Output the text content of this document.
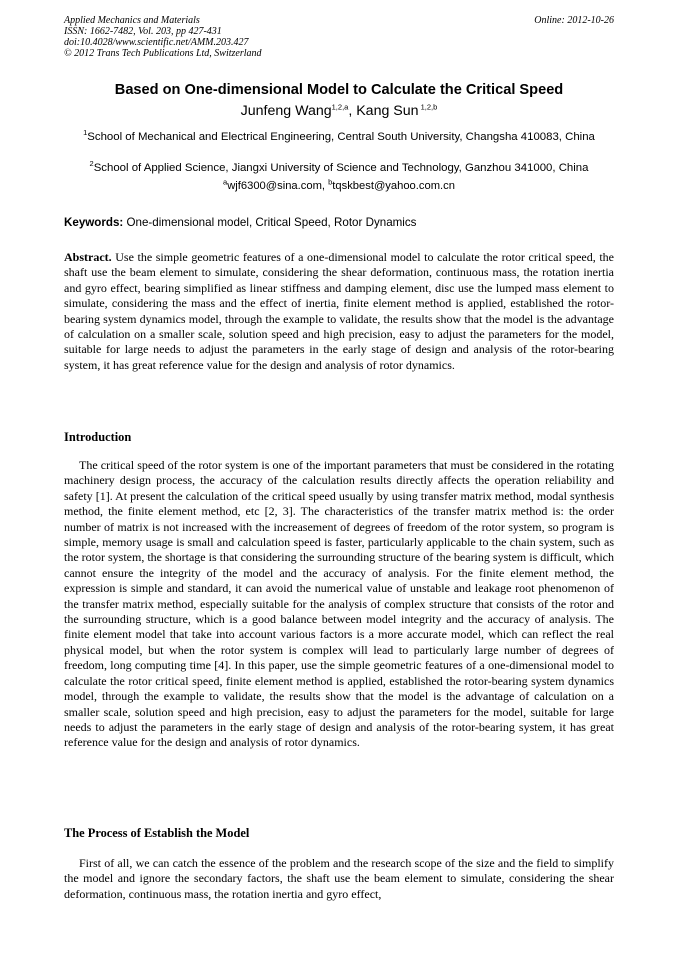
Applied Mechanics and Materials
ISSN: 1662-7482, Vol. 203, pp 427-431
doi:10.4028/www.scientific.net/AMM.203.427
© 2012 Trans Tech Publications Ltd, Switzerland
Online: 2012-10-26
Based on One-dimensional Model to Calculate the Critical Speed
Junfeng Wang$^{1,2,a}$, Kang Sun $^{1,2,b}$
$^1$School of Mechanical and Electrical Engineering, Central South University, Changsha 410083, China
$^2$School of Applied Science, Jiangxi University of Science and Technology, Ganzhou 341000, China
$^a$wjf6300@sina.com, $^b$tqskbest@yahoo.com.cn
Keywords: One-dimensional model, Critical Speed, Rotor Dynamics

Abstract. Use the simple geometric features of a one-dimensional model to calculate the rotor critical speed, the shaft use the beam element to simulate, considering the shear deformation, continuous mass, the rotation inertia and gyro effect, bearing simplified as linear stiffness and damping element, disc use the lumped mass element to simulate, considering the mass and the effect of inertia, finite element method is applied, established the rotor-bearing system dynamics model, through the example to validate, the results show that the model is the advantage of calculation on a smaller scale, solution speed and high precision, easy to adjust the parameters for the model, suitable for large needs to adjust the parameters in the early stage of design and analysis of the rotor-bearing system, it has great reference value for the design and analysis of rotor dynamics.

Introduction

The critical speed of the rotor system is one of the important parameters that must be considered in the rotating machinery design process, the accuracy of the calculation results directly affects the operation reliability and safety [1]. At present the calculation of the critical speed usually by using transfer matrix method, modal synthesis method, the finite element method, etc [2, 3]. The characteristics of the transfer matrix method is: the order number of matrix is not increased with the increasement of degrees of freedom of the rotor system, so program is simple, memory usage is small and calculation speed is faster, particularly applicable to the chain system, such as the rotor system, the shortage is that considering the surrounding structure of the bearing system is difficult, which cannot ensure the integrity of the model and the accuracy of analysis. For the finite element method, the expression is simple and standard, it can avoid the numerical value of unstable and leakage root phenomenon of the transfer matrix method, especially suitable for the analysis of complex structure that consists of the rotor and the surrounding structure, which is a good balance between model integrity and the accuracy of analysis. The finite element model that take into account various factors is a more accurate model, which can reflect the real physical model, but when the rotor system is complex will lead to particularly large number of degrees of freedom, long computing time [4]. In this paper, use the simple geometric features of a one-dimensional model to calculate the rotor critical speed, finite element method is applied, established the rotor-bearing system dynamics model, through the example to validate, the results show that the model is the advantage of calculation on a smaller scale, solution speed and high precision, easy to adjust the parameters for the model, suitable for large needs to adjust the parameters in the early stage of design and analysis of the rotor-bearing system, it has great reference value for the design and analysis of rotor dynamics.

The Process of Establish the Model

First of all, we can catch the essence of the problem and the research scope of the size and the field to simplify the model and ignore the secondary factors, the shaft use the beam element to simulate, considering the shear deformation, continuous mass, the rotation inertia and gyro effect,
